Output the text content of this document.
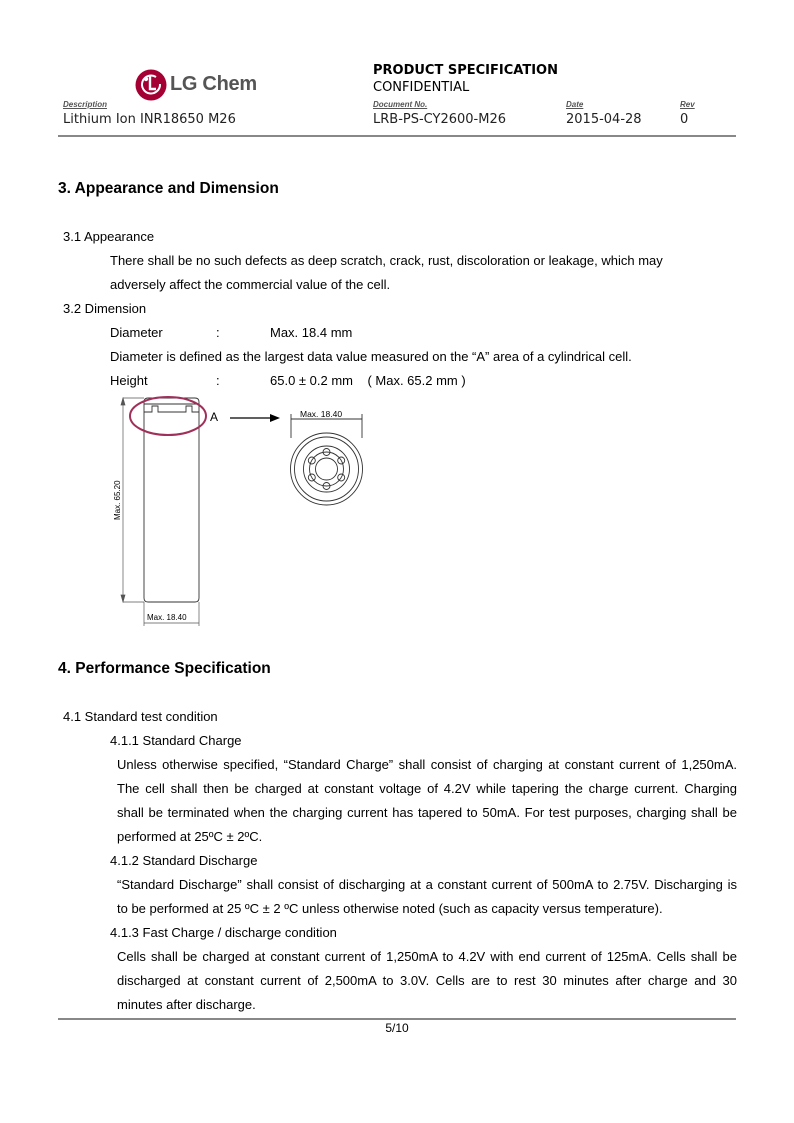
LG Chem
PRODUCT SPECIFICATION
CONFIDENTIAL
Description
Lithium Ion INR18650 M26
Document No.
LRB-PS-CY2600-M26
Date
2015-04-28
Rev
0
3. Appearance and Dimension
3.1 Appearance
There shall be no such defects as deep scratch, crack, rust, discoloration or leakage, which may
adversely affect the commercial value of the cell.
3.2 Dimension
Diameter	:	Max. 18.4 mm
Diameter is defined as the largest data value measured on the “A” area of a cylindrical cell.
Height	:	65.0 ± 0.2 mm    ( Max. 65.2 mm )
A
Max. 65.20
Max. 18.40
Max. 18.40
4. Performance Specification
4.1 Standard test condition
4.1.1 Standard Charge
Unless otherwise specified, “Standard Charge” shall consist of charging at constant current of 1,250mA.
The cell shall then be charged at constant voltage of 4.2V while tapering the charge current. Charging
shall be terminated when the charging current has tapered to 50mA. For test purposes, charging shall be
performed at 25ºC ± 2ºC.
4.1.2 Standard Discharge
“Standard Discharge” shall consist of discharging at a constant current of 500mA to 2.75V. Discharging is
to be performed at 25 ºC ± 2 ºC unless otherwise noted (such as capacity versus temperature).
4.1.3 Fast Charge / discharge condition
Cells shall be charged at constant current of 1,250mA to 4.2V with end current of 125mA. Cells shall be
discharged at constant current of 2,500mA to 3.0V. Cells are to rest 30 minutes after charge and 30
minutes after discharge.
5/10
